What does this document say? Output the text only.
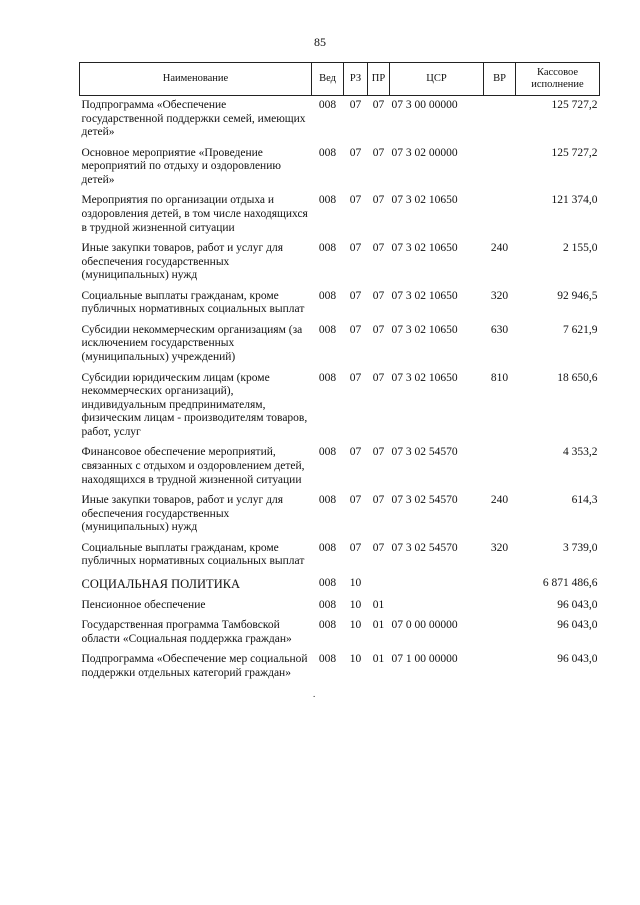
85
Наименование	Вед	РЗ	ПР	ЦСР	ВР	Кассовое исполнение
Подпрограмма «Обеспечение государственной поддержки семей, имеющих детей»	008	07	07	07 3 00 00000		125 727,2
Основное мероприятие «Проведение мероприятий по отдыху и оздоровлению детей»	008	07	07	07 3 02 00000		125 727,2
Мероприятия по организации отдыха и оздоровления детей, в том числе находящихся в трудной жизненной ситуации	008	07	07	07 3 02 10650		121 374,0
Иные закупки товаров, работ и услуг для обеспечения государственных (муниципальных) нужд	008	07	07	07 3 02 10650	240	2 155,0
Социальные выплаты гражданам, кроме публичных нормативных социальных выплат	008	07	07	07 3 02 10650	320	92 946,5
Субсидии некоммерческим организациям (за исключением государственных (муниципальных) учреждений)	008	07	07	07 3 02 10650	630	7 621,9
Субсидии юридическим лицам (кроме некоммерческих организаций), индивидуальным предпринимателям, физическим лицам - производителям товаров, работ, услуг	008	07	07	07 3 02 10650	810	18 650,6
Финансовое обеспечение мероприятий, связанных с отдыхом и оздоровлением детей, находящихся в трудной жизненной ситуации	008	07	07	07 3 02 54570		4 353,2
Иные закупки товаров, работ и услуг для обеспечения государственных (муниципальных) нужд	008	07	07	07 3 02 54570	240	614,3
Социальные выплаты гражданам, кроме публичных нормативных социальных выплат	008	07	07	07 3 02 54570	320	3 739,0
СОЦИАЛЬНАЯ ПОЛИТИКА	008	10				6 871 486,6
Пенсионное обеспечение	008	10	01			96 043,0
Государственная программа Тамбовской области «Социальная поддержка граждан»	008	10	01	07 0 00 00000		96 043,0
Подпрограмма «Обеспечение мер социальной поддержки отдельных категорий граждан»	008	10	01	07 1 00 00000		96 043,0
.
